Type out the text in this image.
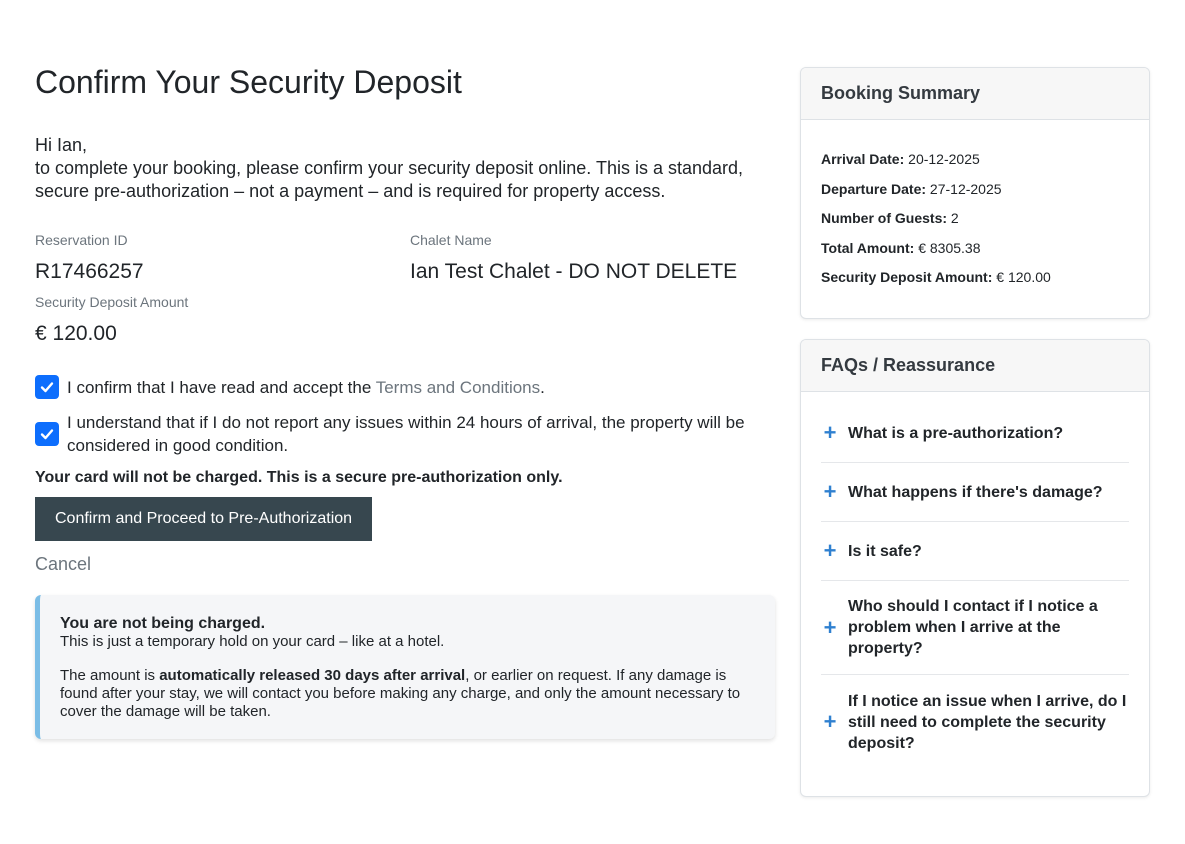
Confirm Your Security Deposit
Hi Ian,
to complete your booking, please confirm your security deposit online. This is a standard, secure pre-authorization – not a payment – and is required for property access.
Reservation ID
R17466257
Chalet Name
Ian Test Chalet - DO NOT DELETE
Security Deposit Amount
€ 120.00
I confirm that I have read and accept the Terms and Conditions.
I understand that if I do not report any issues within 24 hours of arrival, the property will be considered in good condition.
Your card will not be charged. This is a secure pre-authorization only.
Confirm and Proceed to Pre-Authorization
Cancel
You are not being charged.
This is just a temporary hold on your card – like at a hotel.
The amount is automatically released 30 days after arrival, or earlier on request. If any damage is found after your stay, we will contact you before making any charge, and only the amount necessary to cover the damage will be taken.
Booking Summary
Arrival Date: 20-12-2025
Departure Date: 27-12-2025
Number of Guests: 2
Total Amount: € 8305.38
Security Deposit Amount: € 120.00
FAQs / Reassurance
+ What is a pre-authorization?
+ What happens if there's damage?
+ Is it safe?
+
Who should I contact if I notice a problem when I arrive at the property?
+
If I notice an issue when I arrive, do I still need to complete the security deposit?
